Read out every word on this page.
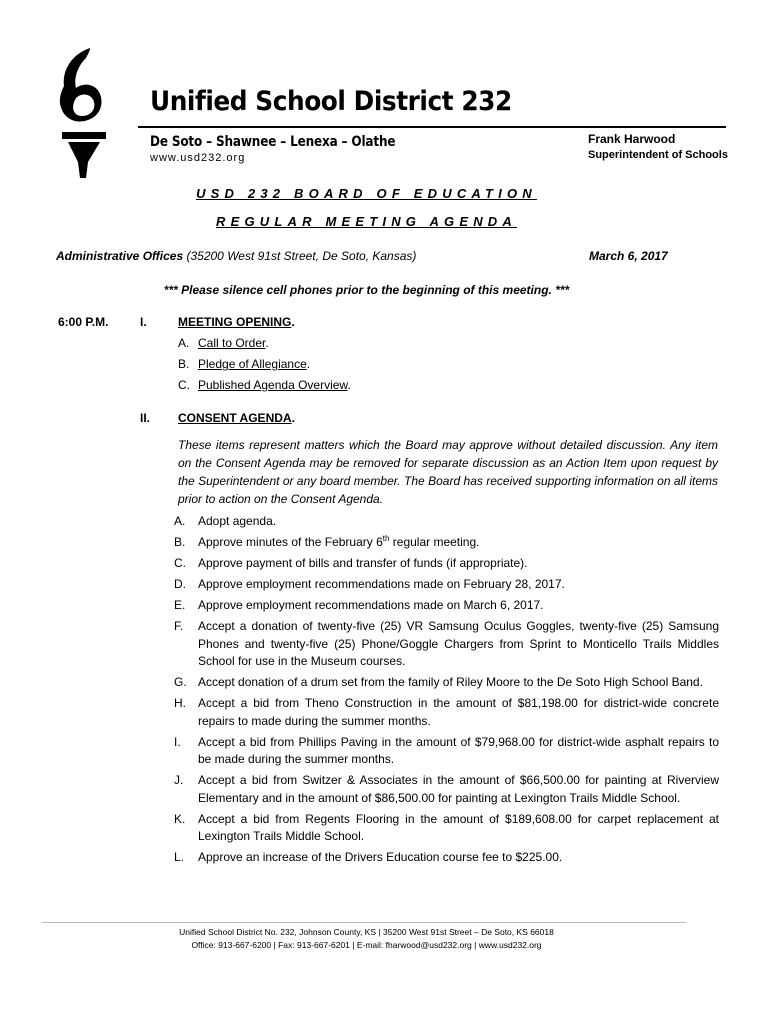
Unified School District 232
De Soto – Shawnee – Lenexa – Olathe
www.usd232.org
Frank Harwood
Superintendent of Schools
USD 232 BOARD OF EDUCATION
REGULAR MEETING AGENDA
Administrative Offices (35200 West 91st Street, De Soto, Kansas)	March 6, 2017
*** Please silence cell phones prior to the beginning of this meeting. ***
6:00 P.M.	I.	MEETING OPENING.
A. Call to Order.
B. Pledge of Allegiance.
C. Published Agenda Overview.
II. CONSENT AGENDA.
These items represent matters which the Board may approve without detailed discussion. Any item on the Consent Agenda may be removed for separate discussion as an Action Item upon request by the Superintendent or any board member. The Board has received supporting information on all items prior to action on the Consent Agenda.
A. Adopt agenda.
B. Approve minutes of the February 6th regular meeting.
C. Approve payment of bills and transfer of funds (if appropriate).
D. Approve employment recommendations made on February 28, 2017.
E. Approve employment recommendations made on March 6, 2017.
F. Accept a donation of twenty-five (25) VR Samsung Oculus Goggles, twenty-five (25) Samsung Phones and twenty-five (25) Phone/Goggle Chargers from Sprint to Monticello Trails Middles School for use in the Museum courses.
G. Accept donation of a drum set from the family of Riley Moore to the De Soto High School Band.
H. Accept a bid from Theno Construction in the amount of $81,198.00 for district-wide concrete repairs to made during the summer months.
I. Accept a bid from Phillips Paving in the amount of $79,968.00 for district-wide asphalt repairs to be made during the summer months.
J. Accept a bid from Switzer & Associates in the amount of $66,500.00 for painting at Riverview Elementary and in the amount of $86,500.00 for painting at Lexington Trails Middle School.
K. Accept a bid from Regents Flooring in the amount of $189,608.00 for carpet replacement at Lexington Trails Middle School.
L. Approve an increase of the Drivers Education course fee to $225.00.
Unified School District No. 232, Johnson County, KS | 35200 West 91st Street – De Soto, KS 66018
Office: 913-667-6200 | Fax: 913-667-6201 | E-mail: fharwood@usd232.org | www.usd232.org
